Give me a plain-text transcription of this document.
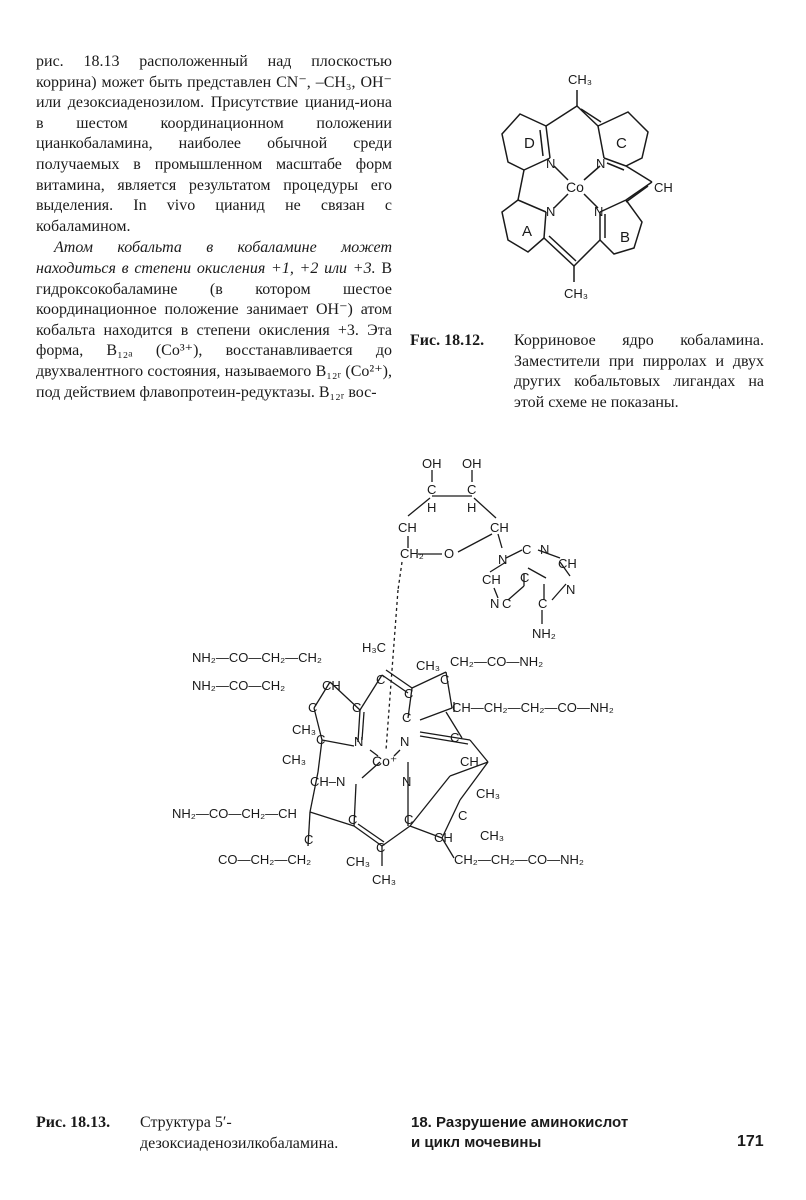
рис. 18.13 расположенный над плоскостью коррина) может быть представлен CN⁻, –CH₃, OH⁻ или дезоксиаденозилом. Присутствие цианид-иона в шестом координационном положении цианкобаламина, наиболее обычной среди получаемых в промышленном масштабе форм витамина, является результатом процедуры его выделения. In vivo цианид не связан с кобаламином.

Атом кобальта в кобаламине может находиться в степени окисления +1, +2 или +3. В гидроксокобаламине (в котором шестое координационное положение занимает OH⁻) атом кобальта находится в степени окисления +3. Эта форма, B₁₂ₐ (Co³⁺), восстанавливается до двухвалентного состояния, называемого B₁₂ᵣ (Co²⁺), под действием флавопротеин-редуктазы. B₁₂ᵣ вос-

CH₃
CH₃
D	C
A	B
N	N
N	N
Co	CH
Fис. 18.12. Корриновое ядро кобаламина. Заместители при пирролах и двух других кобальтовых лигандах на этой схеме не показаны.
OH OH
C C
H H
CH	CH
CH₂ O	N
C N
CH
CH C
N
N C C
NH₂
NH₂—CO—CH₂—CH₂
H₃C
CH₃ CH₂—CO—NH₂
NH₂—CO—CH₂	CH	C
C
C
CH—CH₂—CH₂—CO—NH₂
C	C
C
CH₃
C N	N	C
CH₃	Co⁺	CH
CH–N	N
CH₃
NH₂—CO—CH₂—CH	C	C	C
CH₃
CH
C
C
CO—CH₂—CH₂	CH₃	CH₂—CH₂—CO—NH₂
CH₃
Рис. 18.13. Структура 5′-дезоксиаденозилкобаламина.
18. Разрушение аминокислот
и цикл мочевины	171
